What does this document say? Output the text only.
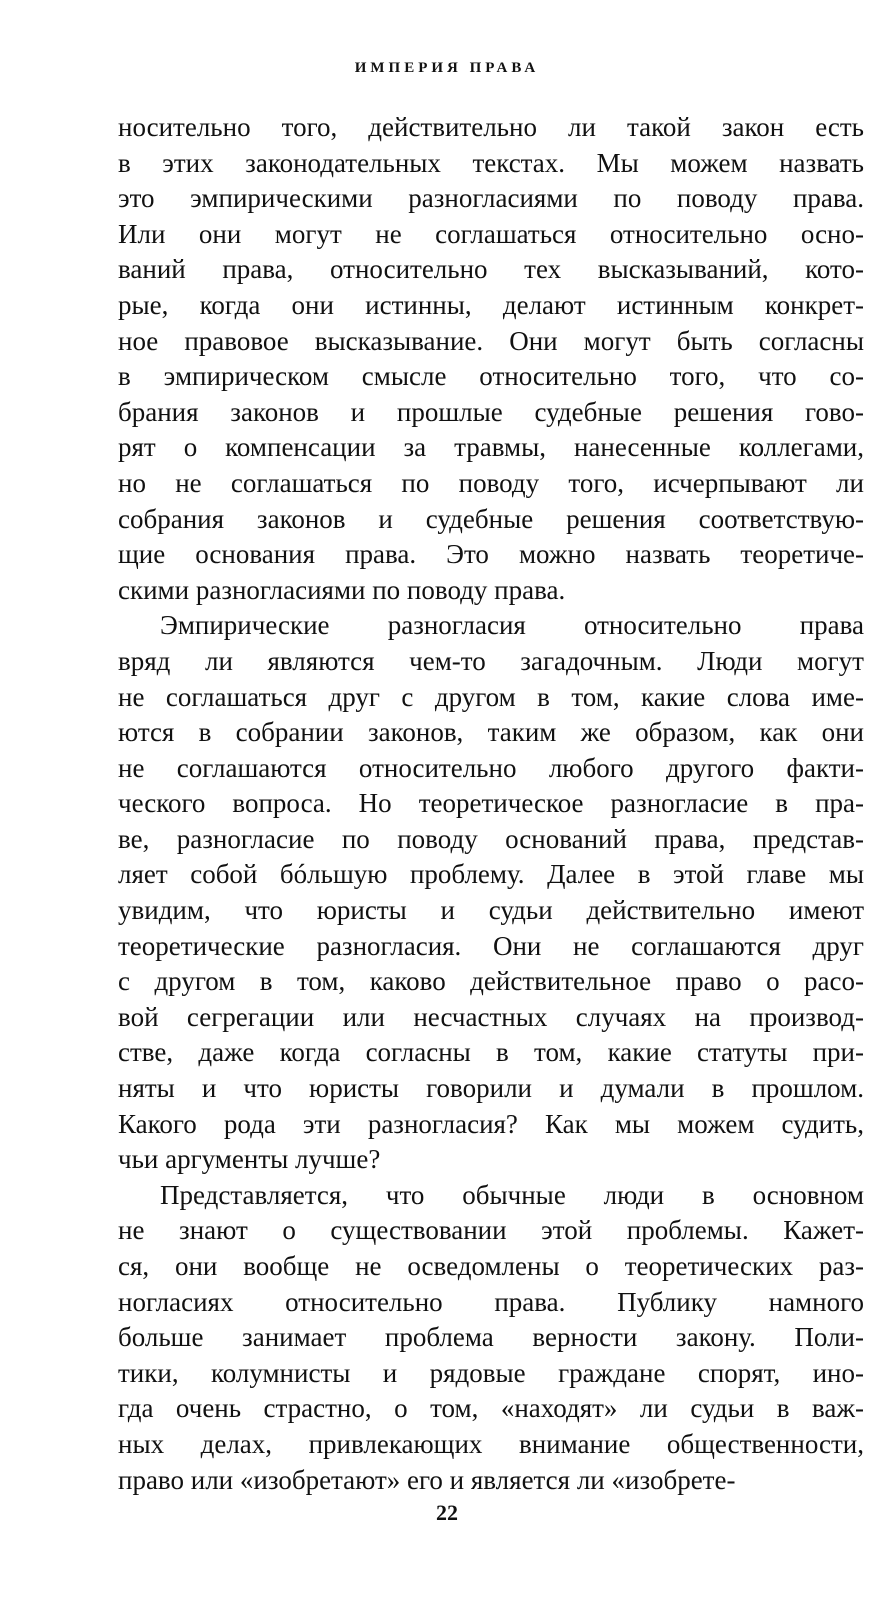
ИМПЕРИЯ ПРАВА
носительно того, действительно ли такой закон есть
в этих законодательных текстах. Мы можем назвать
это эмпирическими разногласиями по поводу права.
Или они могут не соглашаться относительно осно-
ваний права, относительно тех высказываний, кото-
рые, когда они истинны, делают истинным конкрет-
ное правовое высказывание. Они могут быть согласны
в эмпирическом смысле относительно того, что со-
брания законов и прошлые судебные решения гово-
рят о компенсации за травмы, нанесенные коллегами,
но не соглашаться по поводу того, исчерпывают ли
собрания законов и судебные решения соответствую-
щие основания права. Это можно назвать теоретиче-
скими разногласиями по поводу права.
Эмпирические разногласия относительно права
вряд ли являются чем-то загадочным. Люди могут
не соглашаться друг с другом в том, какие слова име-
ются в собрании законов, таким же образом, как они
не соглашаются относительно любого другого факти-
ческого вопроса. Но теоретическое разногласие в пра-
ве, разногласие по поводу оснований права, представ-
ляет собой бóльшую проблему. Далее в этой главе мы
увидим, что юристы и судьи действительно имеют
теоретические разногласия. Они не соглашаются друг
с другом в том, каково действительное право о расо-
вой сегрегации или несчастных случаях на производ-
стве, даже когда согласны в том, какие статуты при-
няты и что юристы говорили и думали в прошлом.
Какого рода эти разногласия? Как мы можем судить,
чьи аргументы лучше?
Представляется, что обычные люди в основном
не знают о существовании этой проблемы. Кажет-
ся, они вообще не осведомлены о теоретических раз-
ногласиях относительно права. Публику намного
больше занимает проблема верности закону. Поли-
тики, колумнисты и рядовые граждане спорят, ино-
гда очень страстно, о том, «находят» ли судьи в важ-
ных делах, привлекающих внимание общественности,
право или «изобретают» его и является ли «изобрете-
22
